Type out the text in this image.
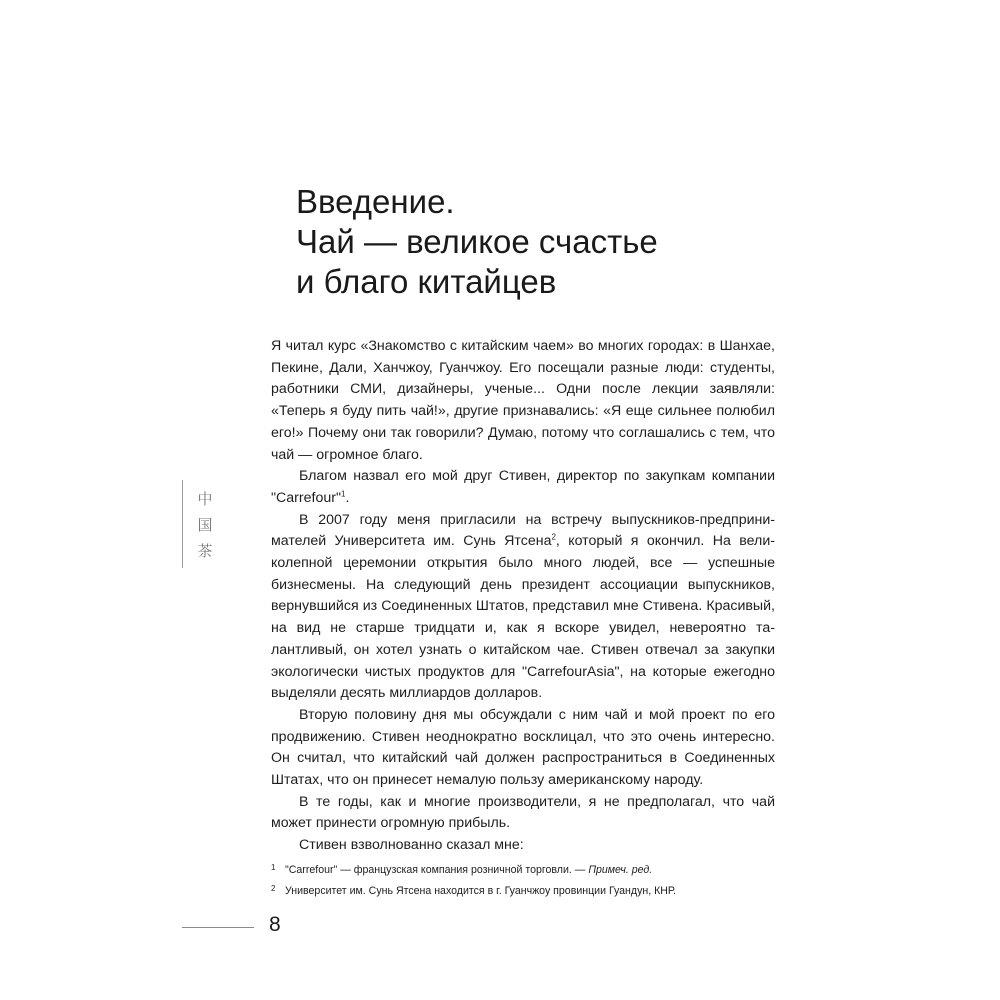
Введение.
Чай — великое счастье
и благо китайцев
中
国
茶

Я читал курс «Знакомство с китайским чаем» во многих городах: в Шанхае, Пекине, Дали, Ханчжоу, Гуанчжоу. Его посещали разные люди: студенты, работники СМИ, дизайнеры, ученые... Одни после лекции заявляли: «Теперь я буду пить чай!», другие признавались: «Я еще сильнее полюбил его!» Почему они так говорили? Думаю, потому что соглашались с тем, что чай — огромное благо.

Благом назвал его мой друг Стивен, директор по закупкам компании "Carrefour"$^1$.

В 2007 году меня пригласили на встречу выпускников-предпринимателей Университета им. Сунь Ятсена$^2$, который я окончил. На великолепной церемонии открытия было много людей, все — успешные бизнесмены. На следующий день президент ассоциации выпускников, вернувшийся из Соединенных Штатов, представил мне Стивена. Красивый, на вид не старше тридцати и, как я вскоре увидел, невероятно талантливый, он хотел узнать о китайском чае. Стивен отвечал за закупки экологически чистых продуктов для "CarrefourAsia", на которые ежегодно выделяли десять миллиардов долларов.

Вторую половину дня мы обсуждали с ним чай и мой проект по его продвижению. Стивен неоднократно восклицал, что это очень интересно. Он считал, что китайский чай должен распространиться в Соединенных Штатах, что он принесет немалую пользу американскому народу.

В те годы, как и многие производители, я не предполагал, что чай может принести огромную прибыль.

Стивен взволнованно сказал мне:

1 "Carrefour" — французская компания розничной торговли. — Примеч. ред.
2 Университет им. Сунь Ятсена находится в г. Гуанчжоу провинции Гуандун, КНР.
8
